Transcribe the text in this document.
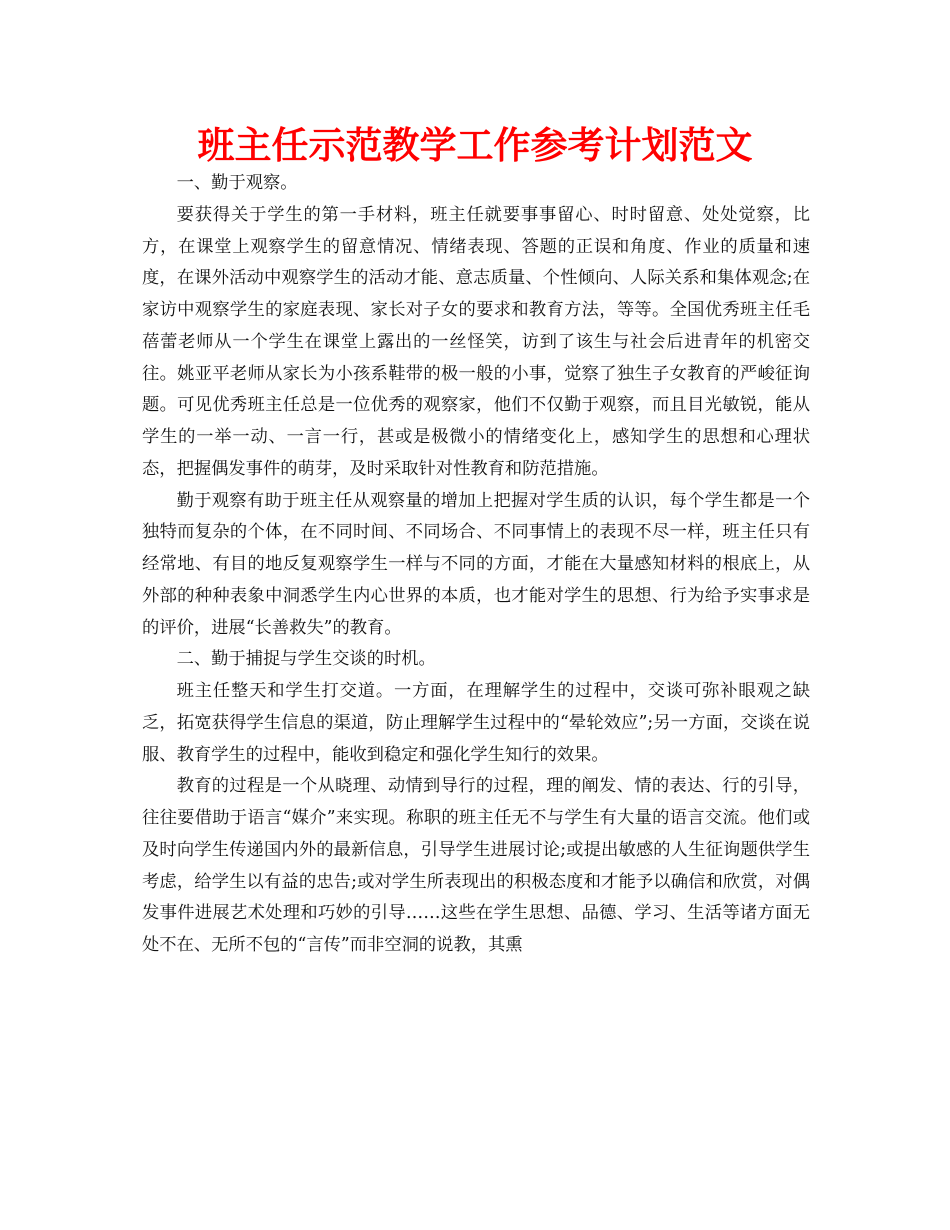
班主任示范教学工作参考计划范文

一、勤于观察。

要获得关于学生的第一手材料，班主任就要事事留心、时时留意、处处觉察，比方，在课堂上观察学生的留意情况、情绪表现、答题的正误和角度、作业的质量和速度，在课外活动中观察学生的活动才能、意志质量、个性倾向、人际关系和集体观念;在家访中观察学生的家庭表现、家长对子女的要求和教育方法，等等。全国优秀班主任毛蓓蕾老师从一个学生在课堂上露出的一丝怪笑，访到了该生与社会后进青年的机密交往。姚亚平老师从家长为小孩系鞋带的极一般的小事，觉察了独生子女教育的严峻征询题。可见优秀班主任总是一位优秀的观察家，他们不仅勤于观察，而且目光敏锐，能从学生的一举一动、一言一行，甚或是极微小的情绪变化上，感知学生的思想和心理状态，把握偶发事件的萌芽，及时采取针对性教育和防范措施。

勤于观察有助于班主任从观察量的增加上把握对学生质的认识，每个学生都是一个独特而复杂的个体，在不同时间、不同场合、不同事情上的表现不尽一样，班主任只有经常地、有目的地反复观察学生一样与不同的方面，才能在大量感知材料的根底上，从外部的种种表象中洞悉学生内心世界的本质，也才能对学生的思想、行为给予实事求是的评价，进展“长善救失”的教育。

二、勤于捕捉与学生交谈的时机。

班主任整天和学生打交道。一方面，在理解学生的过程中，交谈可弥补眼观之缺乏，拓宽获得学生信息的渠道，防止理解学生过程中的“晕轮效应”;另一方面，交谈在说服、教育学生的过程中，能收到稳定和强化学生知行的效果。

教育的过程是一个从晓理、动情到导行的过程，理的阐发、情的表达、行的引导，往往要借助于语言“媒介”来实现。称职的班主任无不与学生有大量的语言交流。他们或及时向学生传递国内外的最新信息，引导学生进展讨论;或提出敏感的人生征询题供学生考虑，给学生以有益的忠告;或对学生所表现出的积极态度和才能予以确信和欣赏，对偶发事件进展艺术处理和巧妙的引导……这些在学生思想、品德、学习、生活等诸方面无处不在、无所不包的“言传”而非空洞的说教，其熏
